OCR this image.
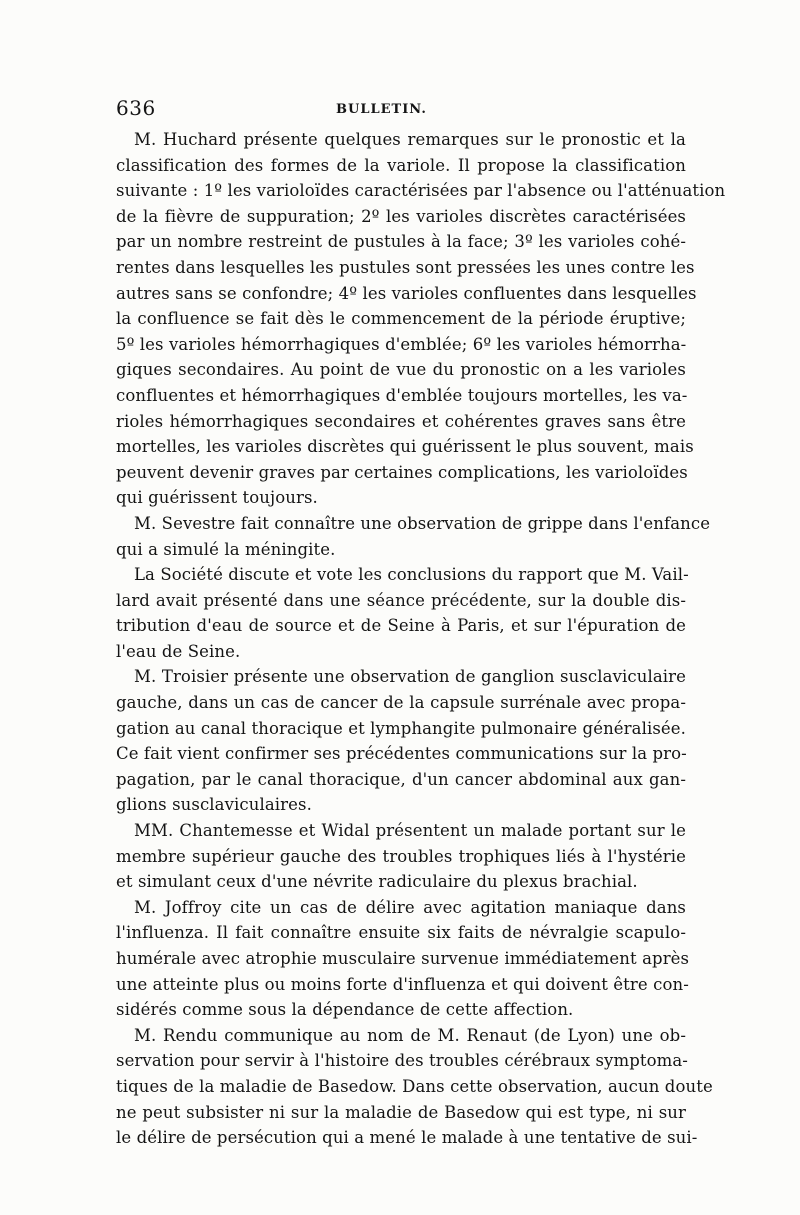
636	BULLETIN.
M. Huchard présente quelques remarques sur le pronostic et la
classification des formes de la variole. Il propose la classification
suivante : 1º les varioloïdes caractérisées par l'absence ou l'atténuation
de la fièvre de suppuration; 2º les varioles discrètes caractérisées
par un nombre restreint de pustules à la face; 3º les varioles cohé-
rentes dans lesquelles les pustules sont pressées les unes contre les
autres sans se confondre; 4º les varioles confluentes dans lesquelles
la confluence se fait dès le commencement de la période éruptive;
5º les varioles hémorrhagiques d'emblée; 6º les varioles hémorrha-
giques secondaires. Au point de vue du pronostic on a les varioles
confluentes et hémorrhagiques d'emblée toujours mortelles, les va-
rioles hémorrhagiques secondaires et cohérentes graves sans être
mortelles, les varioles discrètes qui guérissent le plus souvent, mais
peuvent devenir graves par certaines complications, les varioloïdes
qui guérissent toujours.
M. Sevestre fait connaître une observation de grippe dans l'enfance
qui a simulé la méningite.
La Société discute et vote les conclusions du rapport que M. Vail-
lard avait présenté dans une séance précédente, sur la double dis-
tribution d'eau de source et de Seine à Paris, et sur l'épuration de
l'eau de Seine.
M. Troisier présente une observation de ganglion susclaviculaire
gauche, dans un cas de cancer de la capsule surrénale avec propa-
gation au canal thoracique et lymphangite pulmonaire généralisée.
Ce fait vient confirmer ses précédentes communications sur la pro-
pagation, par le canal thoracique, d'un cancer abdominal aux gan-
glions susclaviculaires.
MM. Chantemesse et Widal présentent un malade portant sur le
membre supérieur gauche des troubles trophiques liés à l'hystérie
et simulant ceux d'une névrite radiculaire du plexus brachial.
M. Joffroy cite un cas de délire avec agitation maniaque dans
l'influenza. Il fait connaître ensuite six faits de névralgie scapulo-
humérale avec atrophie musculaire survenue immédiatement après
une atteinte plus ou moins forte d'influenza et qui doivent être con-
sidérés comme sous la dépendance de cette affection.
M. Rendu communique au nom de M. Renaut (de Lyon) une ob-
servation pour servir à l'histoire des troubles cérébraux symptoma-
tiques de la maladie de Basedow. Dans cette observation, aucun doute
ne peut subsister ni sur la maladie de Basedow qui est type, ni sur
le délire de persécution qui a mené le malade à une tentative de sui-
